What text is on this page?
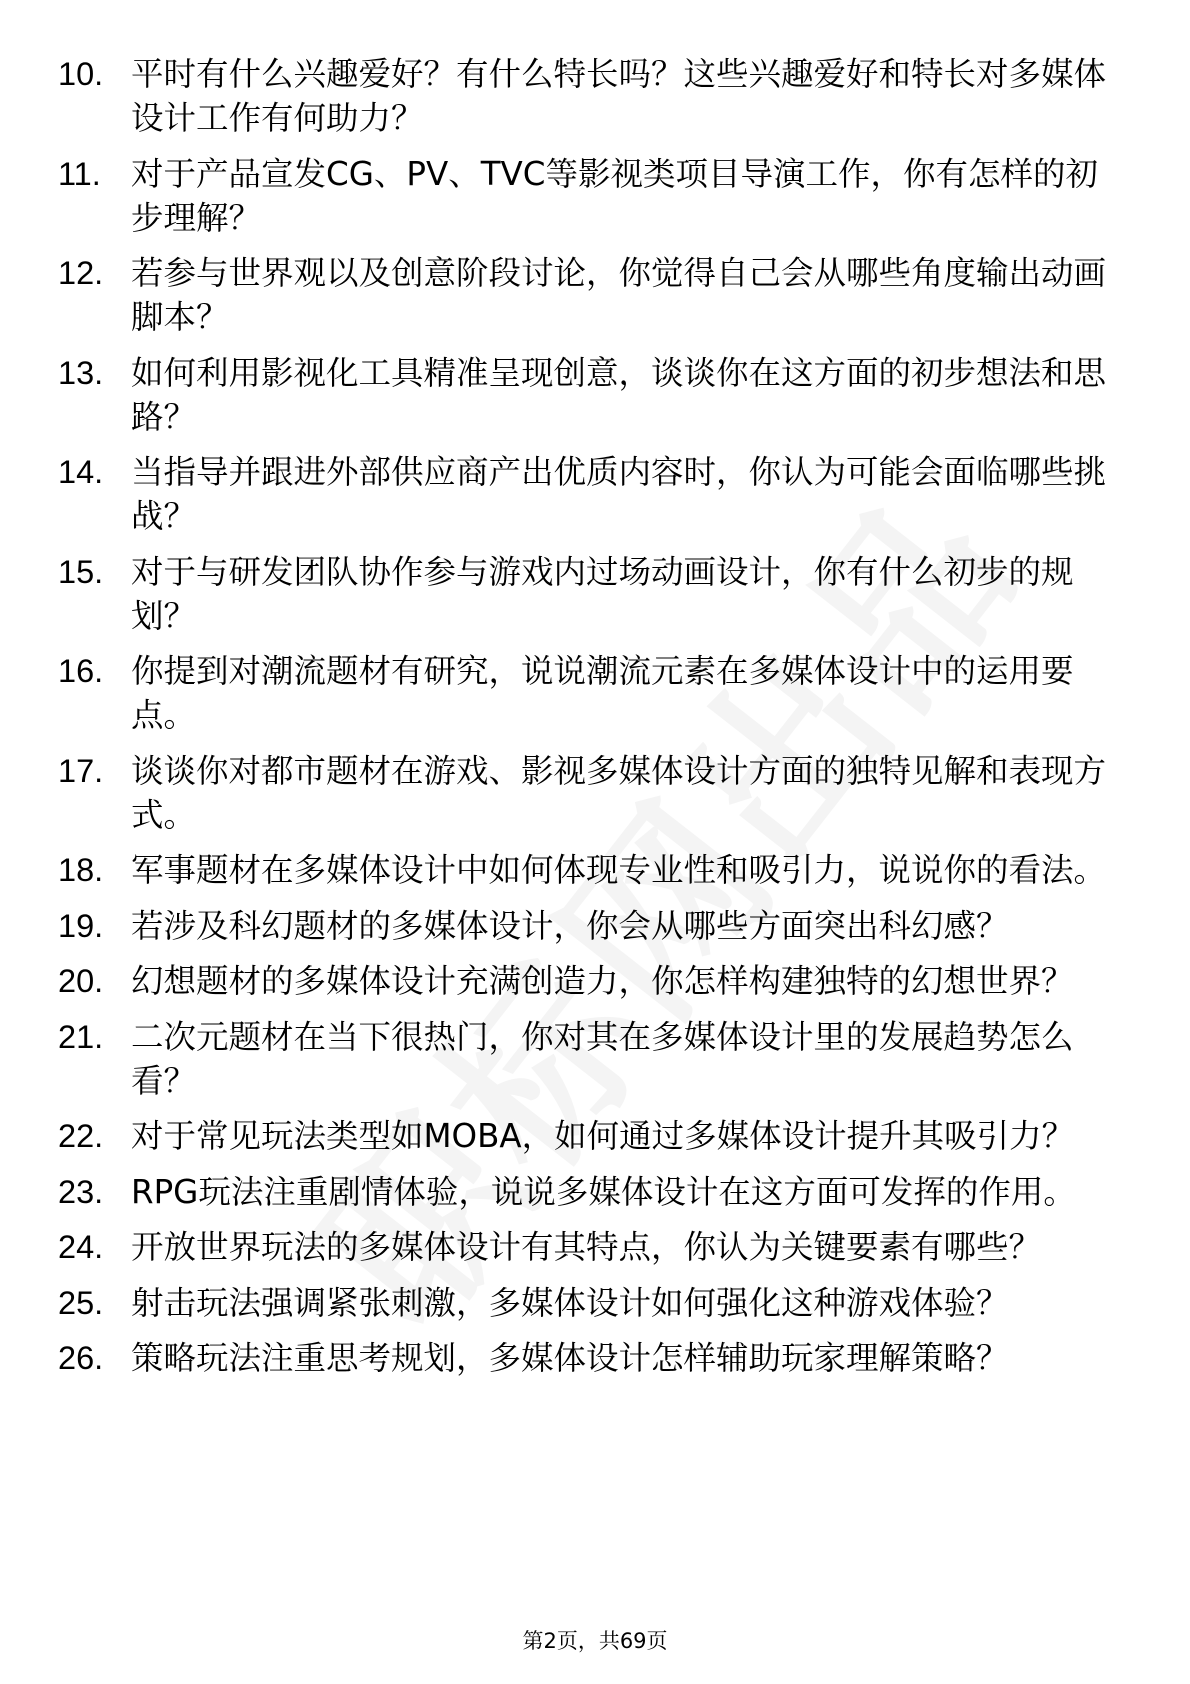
10. 平时有什么兴趣爱好？有什么特长吗？这些兴趣爱好和特长对多媒体设计工作有何助力？
11. 对于产品宣发CG、PV、TVC等影视类项目导演工作，你有怎样的初步理解？
12. 若参与世界观以及创意阶段讨论，你觉得自己会从哪些角度输出动画脚本？
13. 如何利用影视化工具精准呈现创意，谈谈你在这方面的初步想法和思路？
14. 当指导并跟进外部供应商产出优质内容时，你认为可能会面临哪些挑战？
15. 对于与研发团队协作参与游戏内过场动画设计，你有什么初步的规划？
16. 你提到对潮流题材有研究，说说潮流元素在多媒体设计中的运用要点。
17. 谈谈你对都市题材在游戏、影视多媒体设计方面的独特见解和表现方式。
18. 军事题材在多媒体设计中如何体现专业性和吸引力，说说你的看法。
19. 若涉及科幻题材的多媒体设计，你会从哪些方面突出科幻感？
20. 幻想题材的多媒体设计充满创造力，你怎样构建独特的幻想世界？
21. 二次元题材在当下很热门，你对其在多媒体设计里的发展趋势怎么看？
22. 对于常见玩法类型如MOBA，如何通过多媒体设计提升其吸引力？
23. RPG玩法注重剧情体验，说说多媒体设计在这方面可发挥的作用。
24. 开放世界玩法的多媒体设计有其特点，你认为关键要素有哪些？
25. 射击玩法强调紧张刺激，多媒体设计如何强化这种游戏体验？
26. 策略玩法注重思考规划，多媒体设计怎样辅助玩家理解策略？
第2页，共69页
